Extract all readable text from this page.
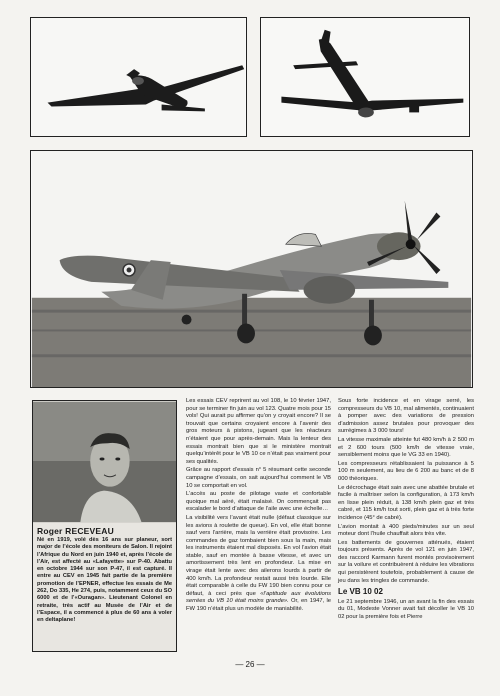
Roger RECEVEAU

Né en 1919, volé dès 16 ans sur planeur, sort major de l’école des moniteurs de Salon. Il rejoint l’Afrique du Nord en juin 1940 et, après l’école de l’Air, est affecté au «Lafayette» sur P-40. Abattu en octobre 1944 sur son P-47, il est capturé. Il entre au CEV en 1945 fait partie de la première promotion de l’EPNER, effectue les essais de Me 262, Do 335, He 274, puis, notamment ceux du SO 6000 et de l’«Ouragan». Lieutenant Colonel en retraite, très actif au Musée de l’Air et de l’Espace, il a commencé à plus de 60 ans à voler en deltaplane!

Les essais CEV reprirent au vol 108, le 10 février 1947, pour se terminer fin juin au vol 123. Quatre mois pour 15 vols! Qui aurait pu affirmer qu’on y croyait encore? Il se trouvait que certains croyaient encore à l’avenir des gros moteurs à pistons, jugeant que les réacteurs n’étaient que pour après-demain. Mais la lenteur des essais montrait bien que si le ministère montrait quelqu’intérêt pour le VB 10 ce n’était pas vraiment pour ses qualités.

Grâce au rapport d’essais n° 5 résumant cette seconde campagne d’essais, on sait aujourd’hui comment le VB 10 se comportait en vol.

L’accès au poste de pilotage vaste et confortable quoique mal aéré, était malaisé. On commençait pas escalader le bord d’attaque de l’aile avec une échelle…

La visibilité vers l’avant était nulle (défaut classique sur les avions à roulette de queue). En vol, elle était bonne sauf vers l’arrière, mais la verrière était provisoire. Les commandes de gaz tombaient bien sous la main, mais les instruments étaient mal disposés. En vol l’avion était stable, sauf en montée à basse vitesse, et avec un amortissement très lent en profondeur. La mise en virage était lente avec des ailerons lourds à partir de 400 km/h. La profondeur restait aussi très lourde. Elle était comparable à celle du FW 190 bien connu pour ce défaut, à ceci près que «l’aptitude aux évolutions serrées du VB 10 était moins grande». Or, en 1947, le FW 190 n’était plus un modèle de maniabilité.

Sous forte incidence et en virage serré, les compresseurs du VB 10, mal alimentés, continuaient à pomper avec des variations de pression d’admission assez brutales pour provoquer des surrégimes à 3 000 tours!

La vitesse maximale atteinte fut 480 km/h à 2 500 m et 2 600 tours (500 km/h de vitesse vraie, sensiblement moins que le VG 33 en 1940).

Les compresseurs rétablissaient la puissance à 5 100 m seulement, au lieu de 6 200 au banc et de 8 000 théoriques.

Le décrochage était sain avec une abattée brutale et facile à maîtriser selon la configuration, à 173 km/h en lisse plein réduit, à 138 km/h plein gaz et très cabré, et 115 km/h tout sorti, plein gaz et à très forte incidence (45° de cabré).

L’avion montait à 400 pieds/minutes sur un seul moteur dont l’huile chauffait alors très vite.

Les battements de gouvernes atténués, étaient toujours présents. Après de vol 121 en juin 1947, des raccord Karmann furent montés provisoirement sur la voilure et contribuèrent à réduire les vibrations qui persistèrent toutefois, probablement à cause de jeu dans les tringles de commande.

Le VB 10 02

Le 21 septembre 1946, un an avant la fin des essais du 01, Modeste Vonner avait fait décoller le VB 10 02 pour la première fois et Pierre

— 26 —
